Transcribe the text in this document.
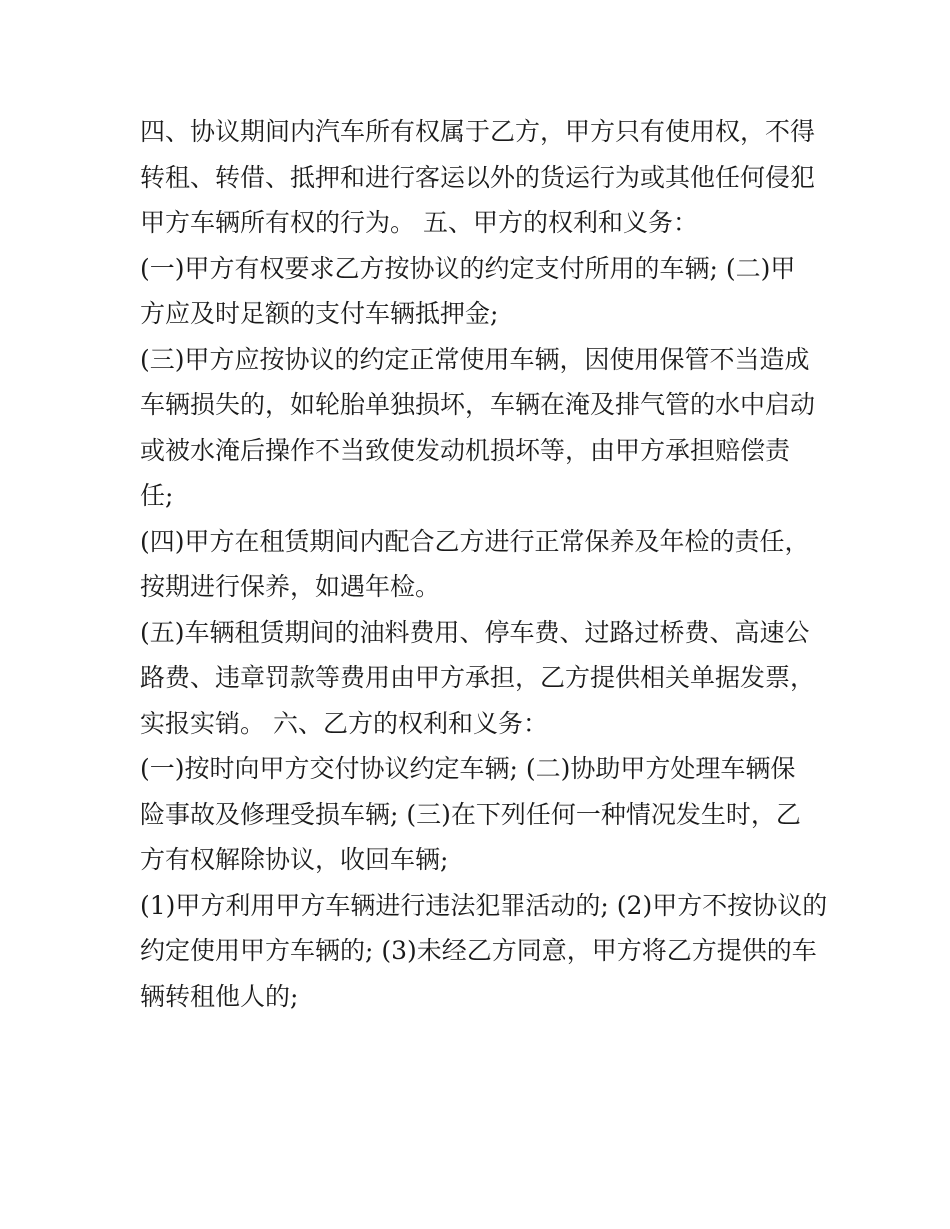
四、协议期间内汽车所有权属于乙方，甲方只有使用权，不得
转租、转借、抵押和进行客运以外的货运行为或其他任何侵犯
甲方车辆所有权的行为。 五、甲方的权利和义务：

(一)甲方有权要求乙方按协议的约定支付所用的车辆; (二)甲
方应及时足额的支付车辆抵押金;

(三)甲方应按协议的约定正常使用车辆，因使用保管不当造成
车辆损失的，如轮胎单独损坏，车辆在淹及排气管的水中启动
或被水淹后操作不当致使发动机损坏等，由甲方承担赔偿责
任;

(四)甲方在租赁期间内配合乙方进行正常保养及年检的责任，
按期进行保养，如遇年检。

(五)车辆租赁期间的油料费用、停车费、过路过桥费、高速公
路费、违章罚款等费用由甲方承担，乙方提供相关单据发票，
实报实销。 六、乙方的权利和义务：

(一)按时向甲方交付协议约定车辆; (二)协助甲方处理车辆保
险事故及修理受损车辆; (三)在下列任何一种情况发生时，乙
方有权解除协议，收回车辆;

(1)甲方利用甲方车辆进行违法犯罪活动的; (2)甲方不按协议的
约定使用甲方车辆的; (3)未经乙方同意，甲方将乙方提供的车
辆转租他人的;
